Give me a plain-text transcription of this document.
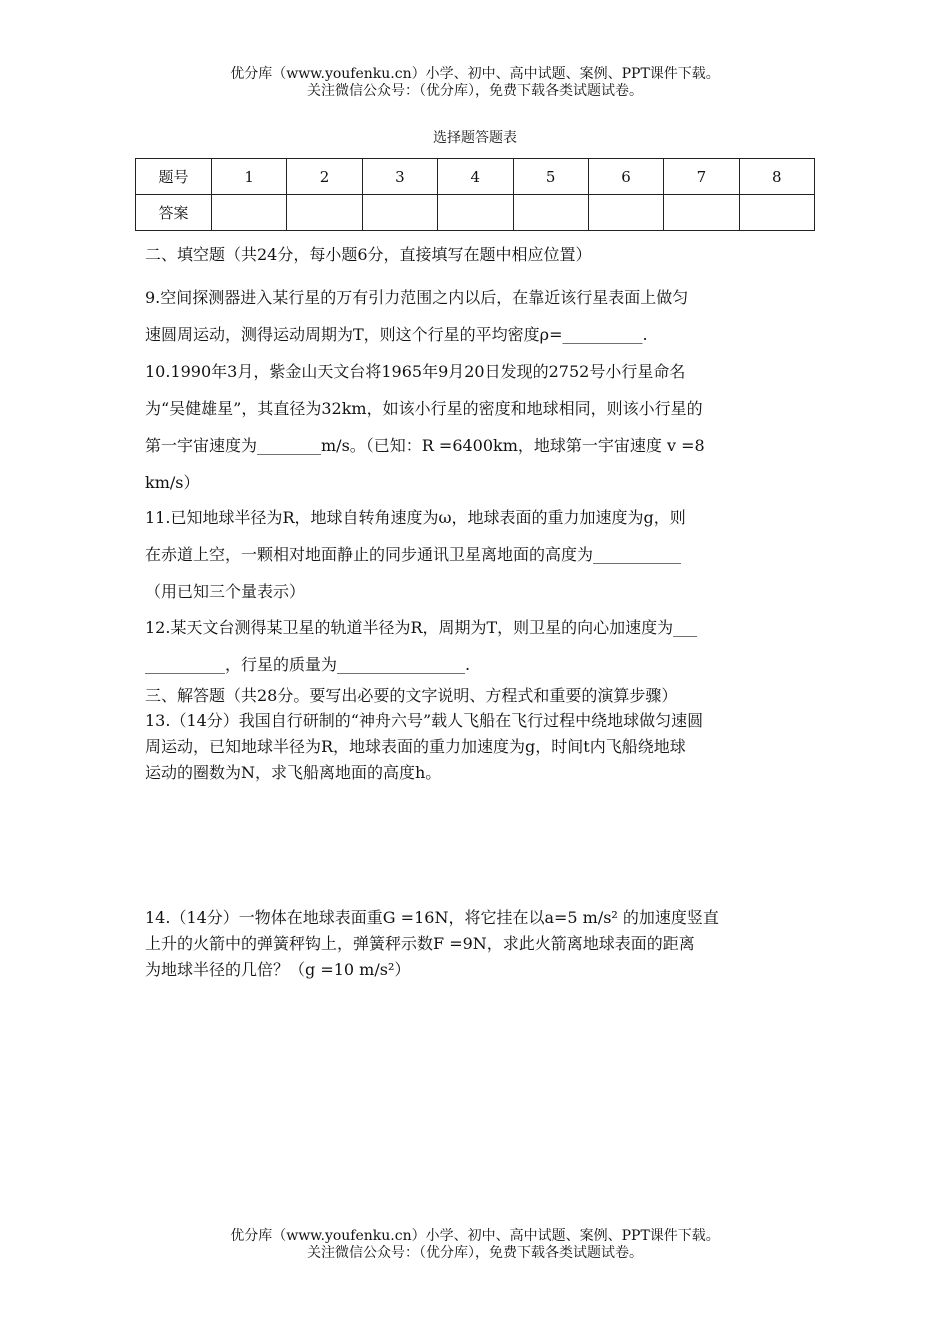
优分库（www.youfenku.cn）小学、初中、高中试题、案例、PPT课件下载。

关注微信公众号：（优分库），免费下载各类试题试卷。

选择题答题表
题号	1	2	3	4	5	6	7	8
答案								

二、填空题（共24分，每小题6分，直接填写在题中相应位置）

9.空间探测器进入某行星的万有引力范围之内以后，在靠近该行星表面上做匀

速圆周运动，测得运动周期为T，则这个行星的平均密度ρ=__________.

10.1990年3月，紫金山天文台将1965年9月20日发现的2752号小行星命名

为“吴健雄星”，其直径为32km，如该小行星的密度和地球相同，则该小行星的

第一宇宙速度为________m/s。（已知：R =6400km，地球第一宇宙速度 v =8

km/s）

11.已知地球半径为R，地球自转角速度为ω，地球表面的重力加速度为g，则

在赤道上空，一颗相对地面静止的同步通讯卫星离地面的高度为___________

（用已知三个量表示）

12.某天文台测得某卫星的轨道半径为R，周期为T，则卫星的向心加速度为___

__________，行星的质量为________________.

三、解答题（共28分。要写出必要的文字说明、方程式和重要的演算步骤）

13.（14分）我国自行研制的“神舟六号”载人飞船在飞行过程中绕地球做匀速圆

周运动，已知地球半径为R，地球表面的重力加速度为g，时间t内飞船绕地球

运动的圈数为N，求飞船离地面的高度h。

14.（14分）一物体在地球表面重G =16N，将它挂在以a=5 m/s² 的加速度竖直

上升的火箭中的弹簧秤钩上，弹簧秤示数F =9N，求此火箭离地球表面的距离

为地球半径的几倍？（g =10 m/s²）

优分库（www.youfenku.cn）小学、初中、高中试题、案例、PPT课件下载。

关注微信公众号：（优分库），免费下载各类试题试卷。
